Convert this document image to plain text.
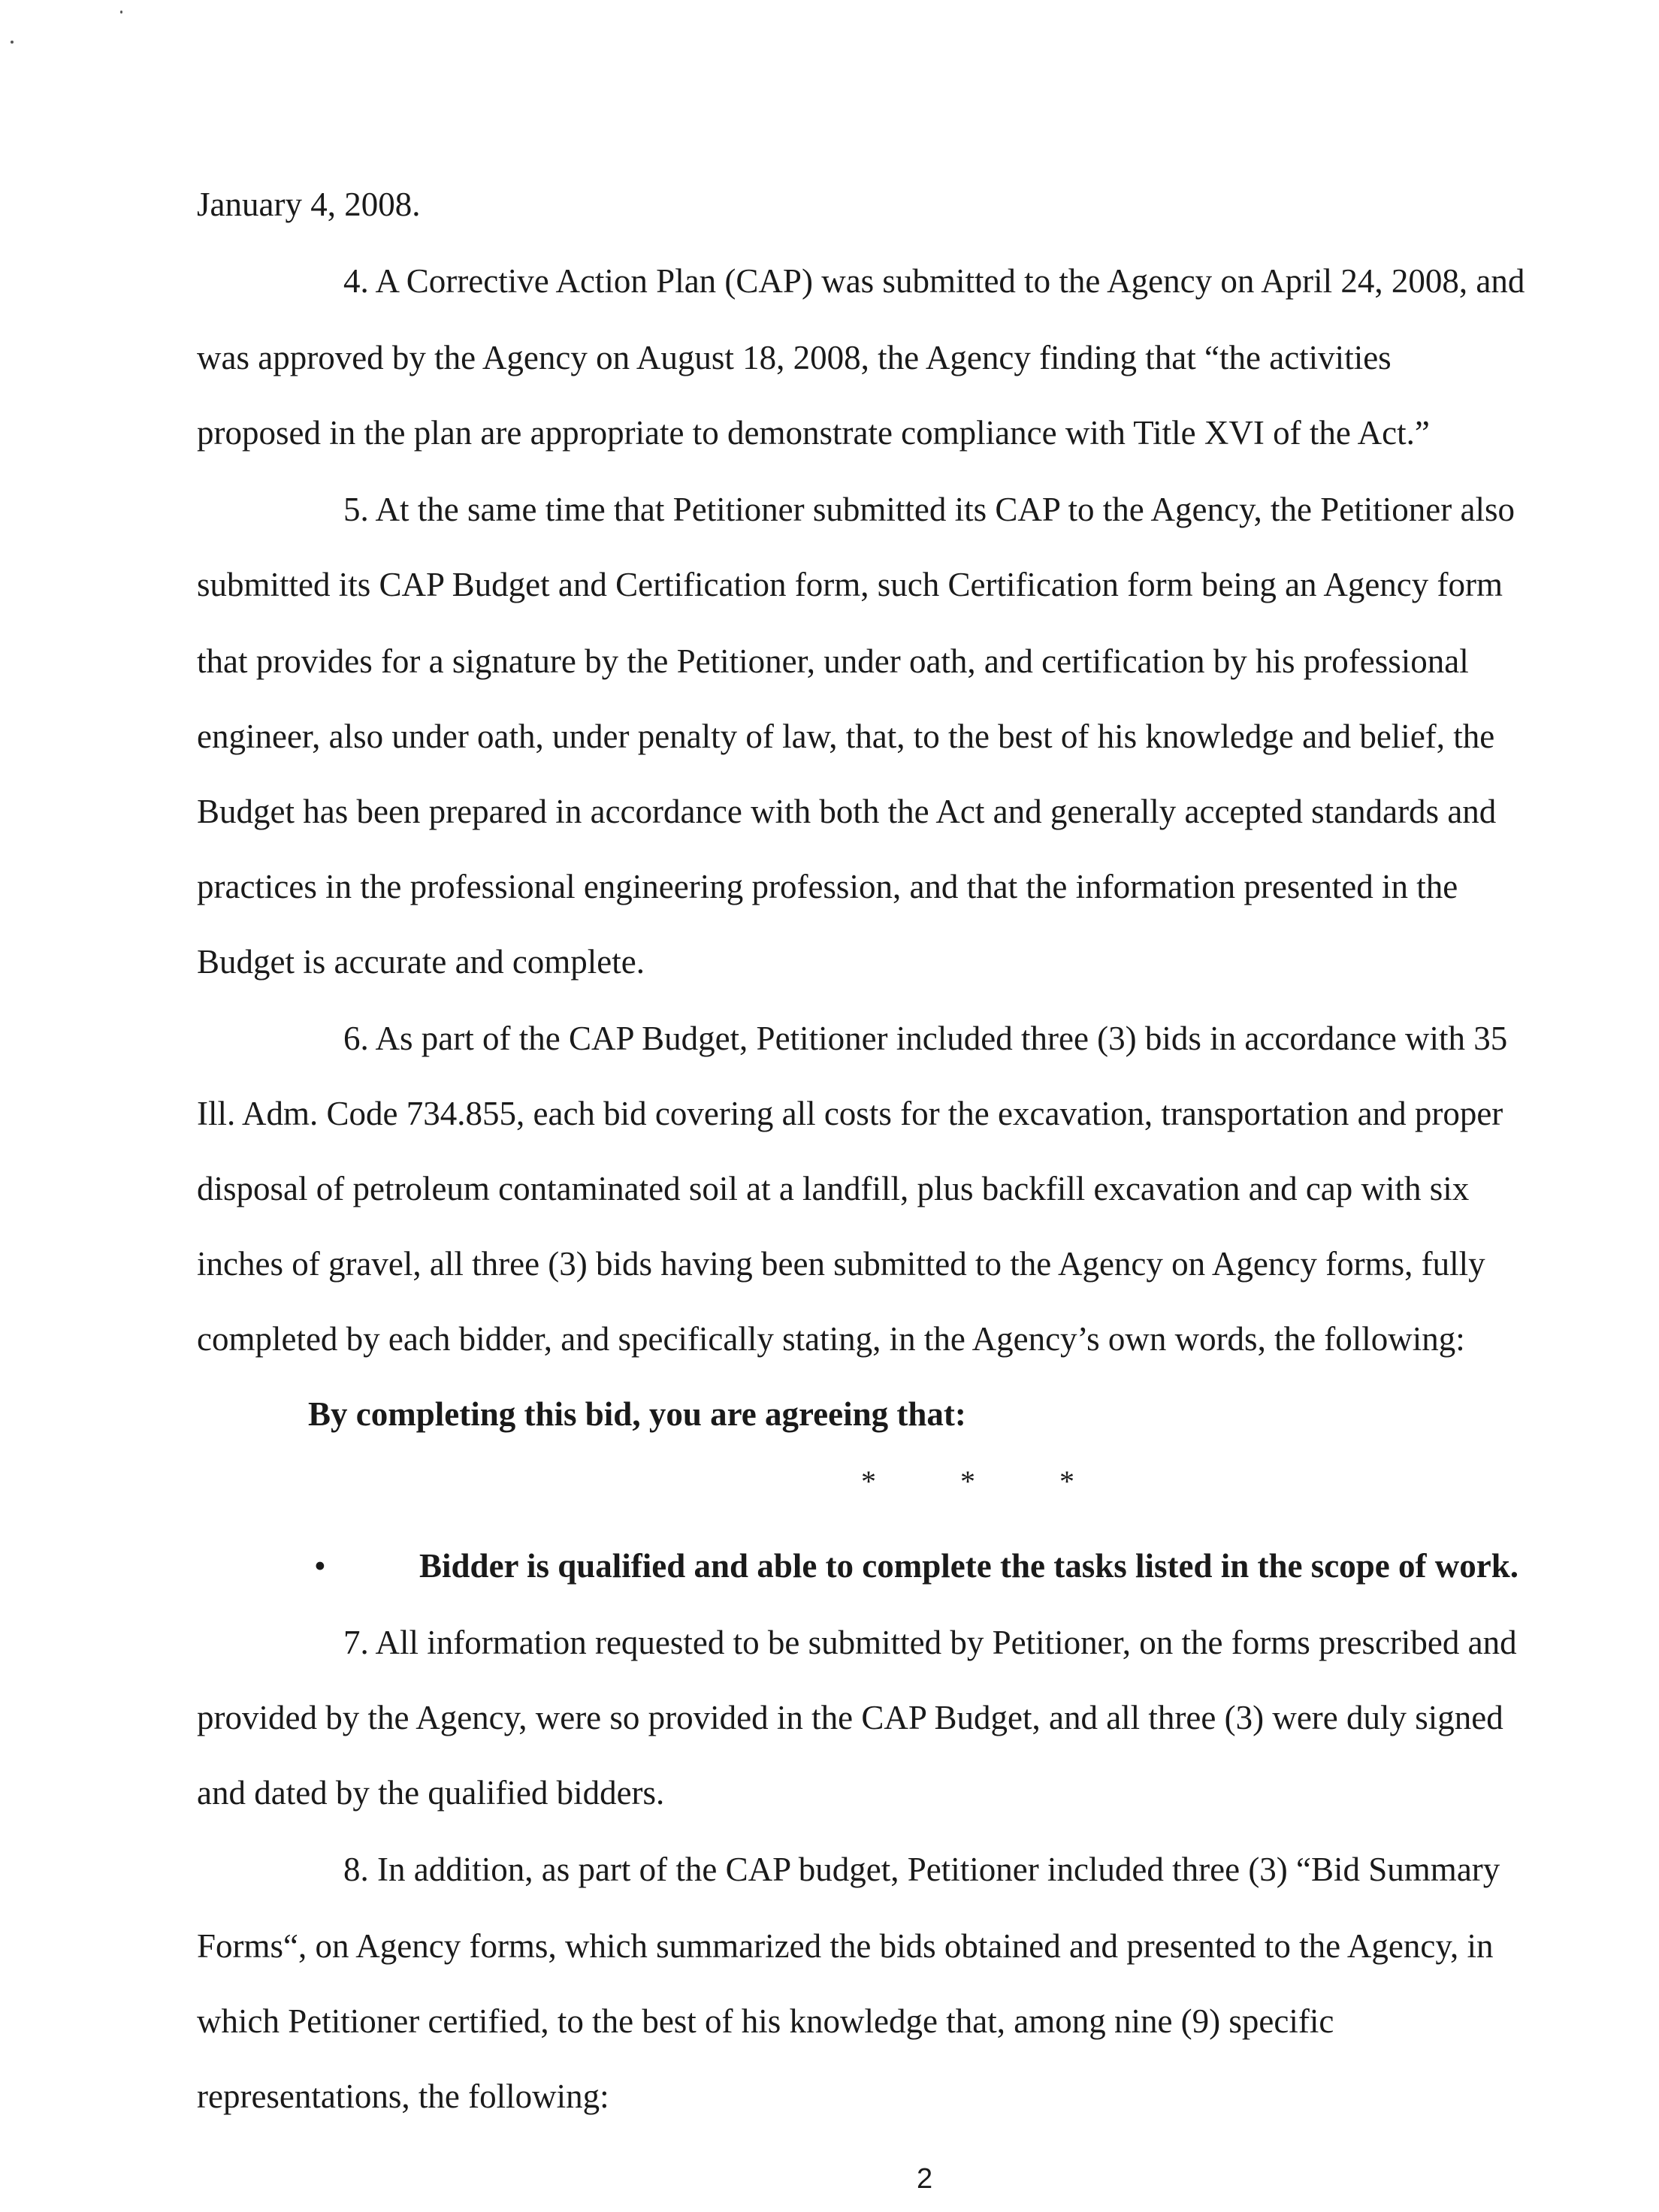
January 4, 2008.
4. A Corrective Action Plan (CAP) was submitted to the Agency on April 24, 2008, and
was approved by the Agency on August 18, 2008, the Agency finding that “the activities
proposed in the plan are appropriate to demonstrate compliance with Title XVI of the Act.”
5. At the same time that Petitioner submitted its CAP to the Agency, the Petitioner also
submitted its CAP Budget and Certification form, such Certification form being an Agency form
that provides for a signature by the Petitioner, under oath, and certification by his professional
engineer, also under oath, under penalty of law, that, to the best of his knowledge and belief, the
Budget has been prepared in accordance with both the Act and generally accepted standards and
practices in the professional engineering profession, and that the information presented in the
Budget is accurate and complete.
6. As part of the CAP Budget, Petitioner included three (3) bids in accordance with 35
Ill. Adm. Code 734.855, each bid covering all costs for the excavation, transportation and proper
disposal of petroleum contaminated soil at a landfill, plus backfill excavation and cap with six
inches of gravel, all three (3) bids having been submitted to the Agency on Agency forms, fully
completed by each bidder, and specifically stating, in the Agency’s own words, the following:
By completing this bid, you are agreeing that:
*	*	*
•	Bidder is qualified and able to complete the tasks listed in the scope of work.
7. All information requested to be submitted by Petitioner, on the forms prescribed and
provided by the Agency, were so provided in the CAP Budget, and all three (3) were duly signed
and dated by the qualified bidders.
8. In addition, as part of the CAP budget, Petitioner included three (3) “Bid Summary
Forms“, on Agency forms, which summarized the bids obtained and presented to the Agency, in
which Petitioner certified, to the best of his knowledge that, among nine (9) specific
representations, the following:
2
